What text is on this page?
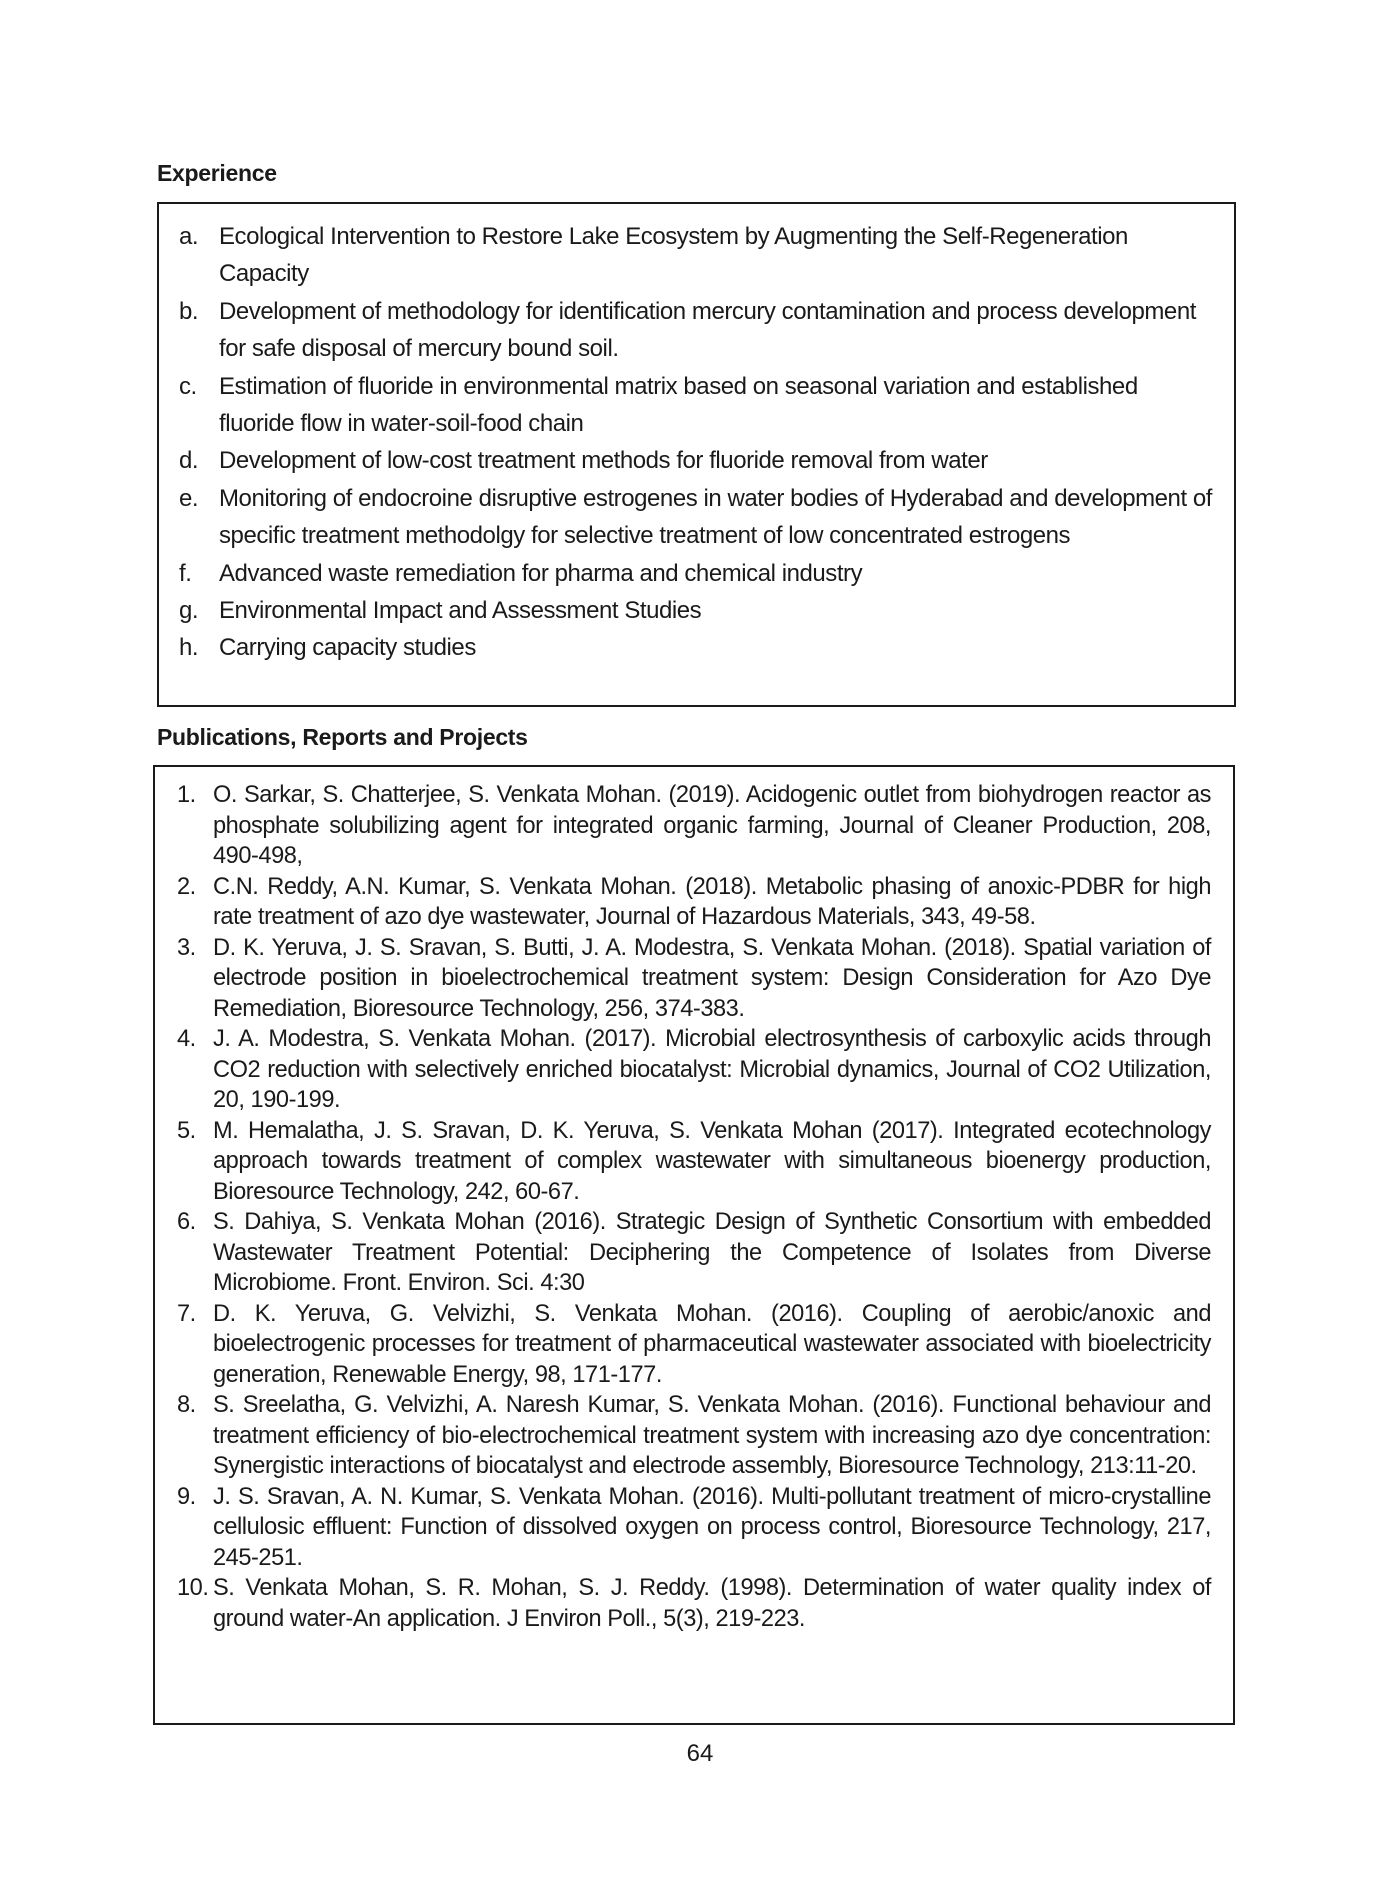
Experience
a. Ecological Intervention to Restore Lake Ecosystem by Augmenting the Self-Regeneration Capacity
b. Development of methodology for identification mercury contamination and process development for safe disposal of mercury bound soil.
c. Estimation of fluoride in environmental matrix based on seasonal variation and established fluoride flow in water-soil-food chain
d. Development of low-cost treatment methods for fluoride removal from water
e. Monitoring of endocroine disruptive estrogenes in water bodies of Hyderabad and development of specific treatment methodolgy for selective treatment of low concentrated estrogens
f.	Advanced waste remediation for pharma and chemical industry
g. Environmental Impact and Assessment Studies
h. Carrying capacity studies
Publications, Reports and Projects
1. O. Sarkar, S. Chatterjee, S. Venkata Mohan. (2019). Acidogenic outlet from biohydrogen reactor as phosphate solubilizing agent for integrated organic farming, Journal of Cleaner Production, 208, 490-498,
2. C.N. Reddy, A.N. Kumar, S. Venkata Mohan. (2018). Metabolic phasing of anoxic-PDBR for high rate treatment of azo dye wastewater, Journal of Hazardous Materials, 343, 49-58.
3. D. K. Yeruva, J. S. Sravan, S. Butti, J. A. Modestra, S. Venkata Mohan. (2018). Spatial variation of electrode position in bioelectrochemical treatment system: Design Consideration for Azo Dye Remediation, Bioresource Technology, 256, 374-383.
4. J. A. Modestra, S. Venkata Mohan. (2017). Microbial electrosynthesis of carboxylic acids through CO2 reduction with selectively enriched biocatalyst: Microbial dynamics, Journal of CO2 Utilization, 20, 190-199.
5. M. Hemalatha, J. S. Sravan, D. K. Yeruva, S. Venkata Mohan (2017). Integrated ecotechnology approach towards treatment of complex wastewater with simultaneous bioenergy production, Bioresource Technology, 242, 60-67.
6. S. Dahiya, S. Venkata Mohan (2016). Strategic Design of Synthetic Consortium with embedded Wastewater Treatment Potential: Deciphering the Competence of Isolates from Diverse Microbiome. Front. Environ. Sci. 4:30
7. D. K. Yeruva, G. Velvizhi, S. Venkata Mohan. (2016). Coupling of aerobic/anoxic and bioelectrogenic processes for treatment of pharmaceutical wastewater associated with bioelectricity generation, Renewable Energy, 98, 171-177.
8. S. Sreelatha, G. Velvizhi, A. Naresh Kumar, S. Venkata Mohan. (2016). Functional behaviour and treatment efficiency of bio-electrochemical treatment system with increasing azo dye concentration: Synergistic interactions of biocatalyst and electrode assembly, Bioresource Technology, 213:11-20.
9. J. S. Sravan, A. N. Kumar, S. Venkata Mohan. (2016). Multi-pollutant treatment of micro-crystalline cellulosic effluent: Function of dissolved oxygen on process control, Bioresource Technology, 217, 245-251.
10. S. Venkata Mohan, S. R. Mohan, S. J. Reddy. (1998). Determination of water quality index of ground water-An application. J Environ Poll., 5(3), 219-223.
64
